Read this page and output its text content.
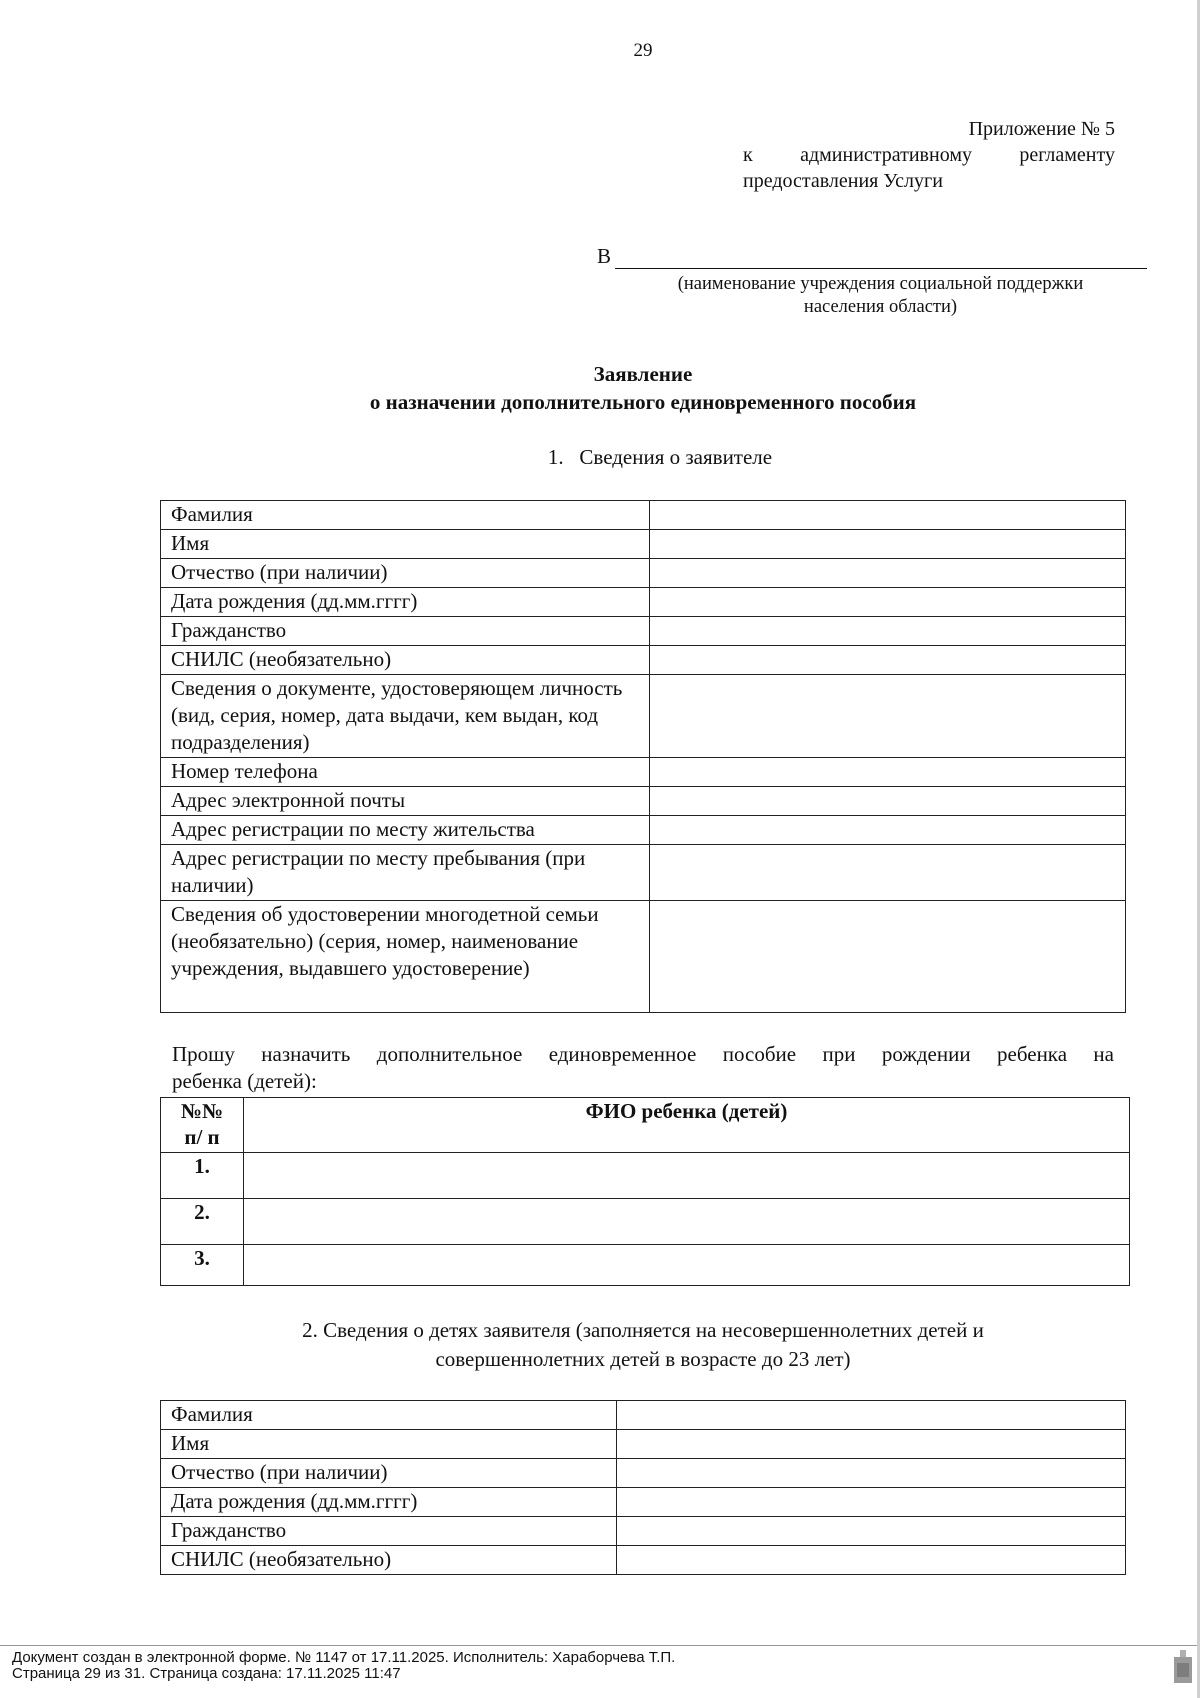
29
Приложение № 5
к административному регламенту
предоставления Услуги
В
(наименование учреждения социальной поддержки
населения области)
Заявление
о назначении дополнительного единовременного пособия
1. Сведения о заявителе
Фамилия	
Имя	
Отчество (при наличии)	
Дата рождения (дд.мм.гггг)	
Гражданство	
СНИЛС (необязательно)	
Сведения о документе, удостоверяющем личность (вид, серия, номер, дата выдачи, кем выдан, код подразделения)	
Номер телефона	
Адрес электронной почты	
Адрес регистрации по месту жительства	
Адрес регистрации по месту пребывания (при наличии)	
Сведения об удостоверении многодетной семьи (необязательно) (серия, номер, наименование учреждения, выдавшего удостоверение)	
Прошу назначить дополнительное единовременное пособие при рождении ребенка на
ребенка (детей):
№№
п/ п	ФИО ребенка (детей)
1.	
2.	
3.	
2. Сведения о детях заявителя (заполняется на несовершеннолетних детей и
совершеннолетних детей в возрасте до 23 лет)
Фамилия	
Имя	
Отчество (при наличии)	
Дата рождения (дд.мм.гггг)	
Гражданство	
СНИЛС (необязательно)	
Документ создан в электронной форме. № 1147 от 17.11.2025. Исполнитель: Хараборчева Т.П.
Страница 29 из 31. Страница создана: 17.11.2025 11:47
